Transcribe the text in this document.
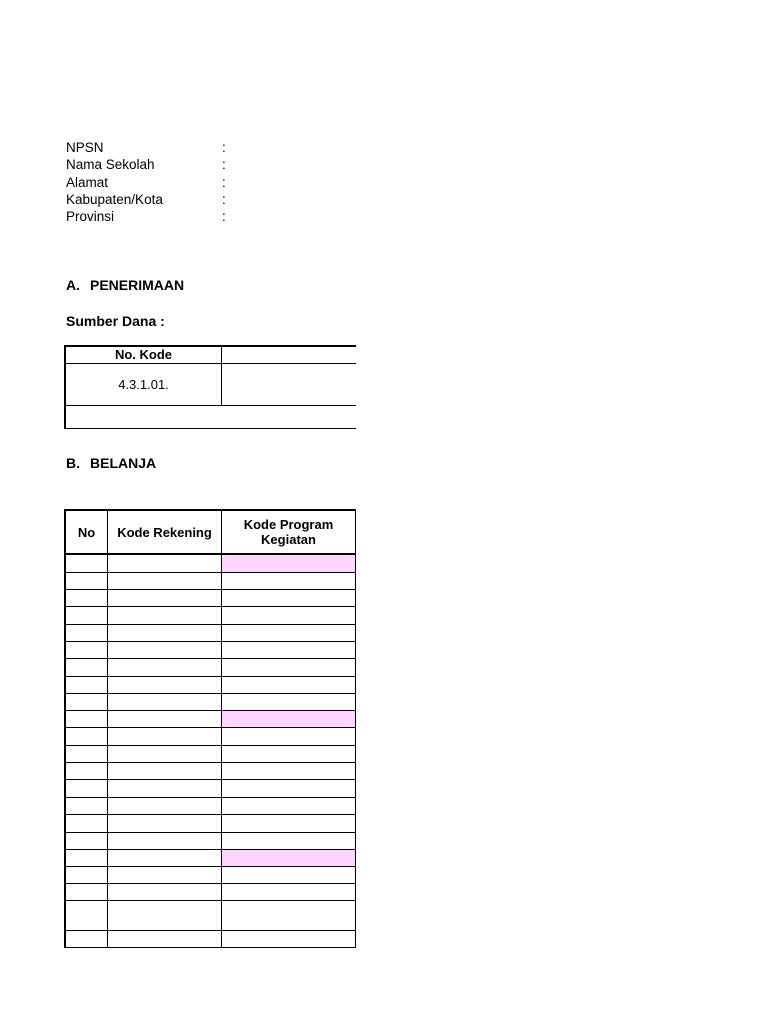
NPSN	:
Nama Sekolah	:
Alamat	:
Kabupaten/Kota	:
Provinsi	:
A. PENERIMAAN
Sumber Dana :
No. Kode
4.3.1.01.
B. BELANJA
No	Kode Rekening	Kode Program Kegiatan
